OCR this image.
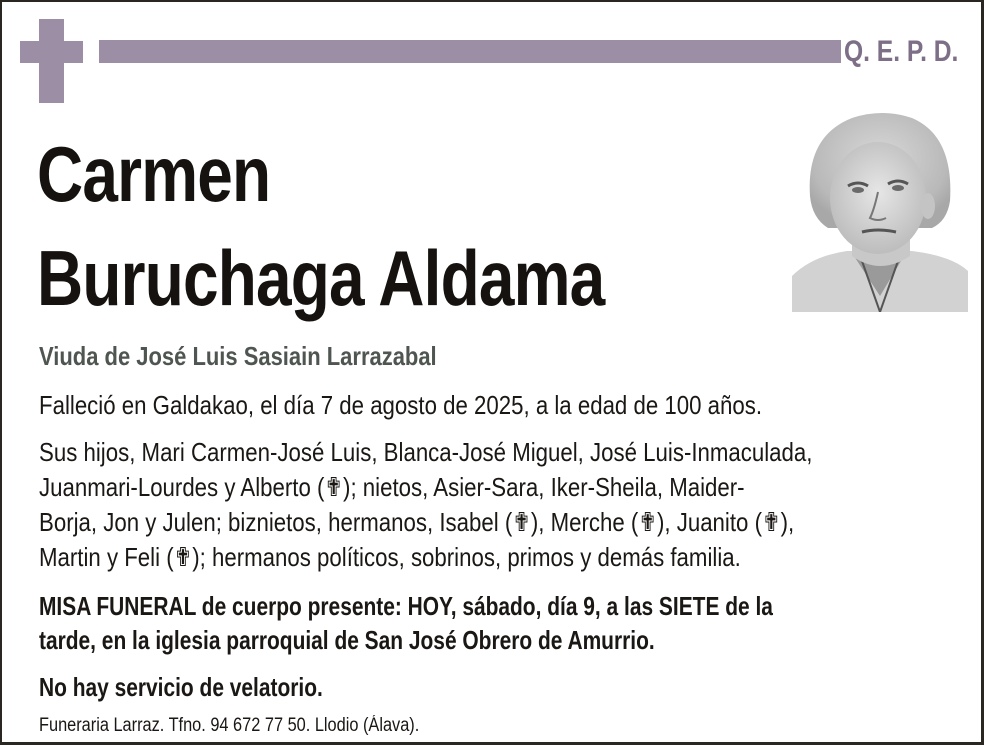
Q. E. P. D.
Carmen
Buruchaga Aldama
Viuda de José Luis Sasiain Larrazabal
Falleció en Galdakao, el día 7 de agosto de 2025, a la edad de 100 años.
Sus hijos, Mari Carmen-José Luis, Blanca-José Miguel, José Luis-Inmaculada,
Juanmari-Lourdes y Alberto (✟); nietos, Asier-Sara, Iker-Sheila, Maider-
Borja, Jon y Julen; biznietos, hermanos, Isabel (✟), Merche (✟), Juanito (✟),
Martin y Feli (✟); hermanos políticos, sobrinos, primos y demás familia.
MISA FUNERAL de cuerpo presente: HOY, sábado, día 9, a las SIETE de la
tarde, en la iglesia parroquial de San José Obrero de Amurrio.
No hay servicio de velatorio.
Funeraria Larraz. Tfno. 94 672 77 50. Llodio (Álava).
